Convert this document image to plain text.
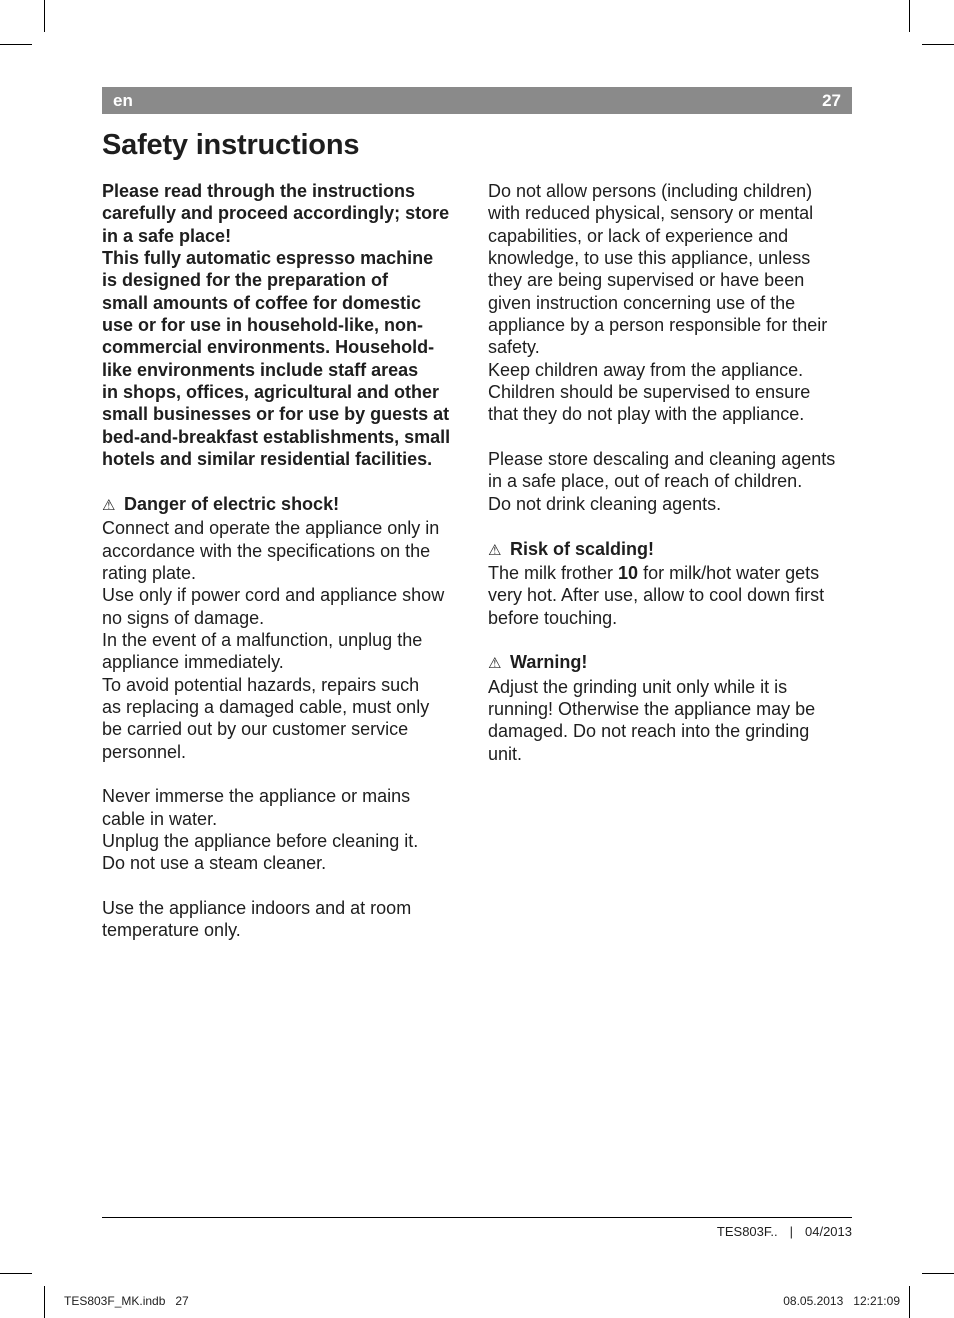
en	27
Safety instructions

Please read through the instructions

carefully and proceed accordingly; store

in a safe place!

This fully automatic espresso machine

is designed for the preparation of

small amounts of coffee for domestic

use or for use in household-like, non-

commercial environments. Household-

like environments include staff areas

in shops, offices, agricultural and other

small businesses or for use by guests at

bed-and-breakfast establishments, small

hotels and similar residential facilities.

⚠ Danger of electric shock!

Connect and operate the appliance only in

accordance with the specifications on the

rating plate.

Use only if power cord and appliance show

no signs of damage.

In the event of a malfunction, unplug the

appliance immediately.

To avoid potential hazards, repairs such

as replacing a damaged cable, must only

be carried out by our customer service

personnel.

Never immerse the appliance or mains

cable in water.

Unplug the appliance before cleaning it.

Do not use a steam cleaner.

Use the appliance indoors and at room

temperature only.

Do not allow persons (including children)

with reduced physical, sensory or mental

capabilities, or lack of experience and

knowledge, to use this appliance, unless

they are being supervised or have been

given instruction concerning use of the

appliance by a person responsible for their

safety.

Keep children away from the appliance.

Children should be supervised to ensure

that they do not play with the appliance.

Please store descaling and cleaning agents

in a safe place, out of reach of children.

Do not drink cleaning agents.

⚠ Risk of scalding!

The milk frother 10 for milk/hot water gets

very hot. After use, allow to cool down first

before touching.

⚠ Warning!

Adjust the grinding unit only while it is

running! Otherwise the appliance may be

damaged. Do not reach into the grinding

unit.

TES803F.. | 04/2013
TES803F_MK.indb   27	08.05.2013   12:21:09
